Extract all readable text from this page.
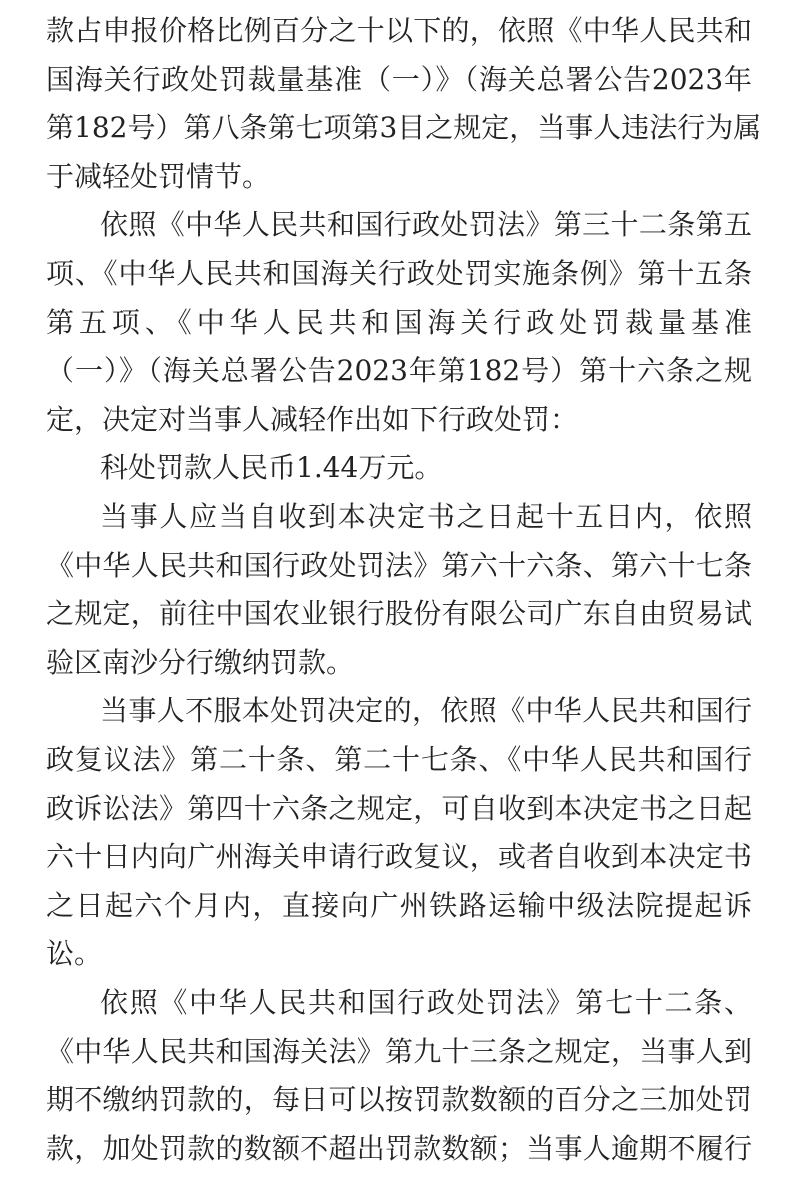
款占申报价格比例百分之十以下的，依照《中华人民共和
国海关行政处罚裁量基准（一）》（海关总署公告2023年
第182号）第八条第七项第3目之规定，当事人违法行为属
于减轻处罚情节。
依照《中华人民共和国行政处罚法》第三十二条第五
项、《中华人民共和国海关行政处罚实施条例》第十五条
第五项、《中华人民共和国海关行政处罚裁量基准
（一）》（海关总署公告2023年第182号）第十六条之规
定，决定对当事人减轻作出如下行政处罚：
科处罚款人民币1.44万元。
当事人应当自收到本决定书之日起十五日内，依照
《中华人民共和国行政处罚法》第六十六条、第六十七条
之规定，前往中国农业银行股份有限公司广东自由贸易试
验区南沙分行缴纳罚款。
当事人不服本处罚决定的，依照《中华人民共和国行
政复议法》第二十条、第二十七条、《中华人民共和国行
政诉讼法》第四十六条之规定，可自收到本决定书之日起
六十日内向广州海关申请行政复议，或者自收到本决定书
之日起六个月内，直接向广州铁路运输中级法院提起诉
讼。
依照《中华人民共和国行政处罚法》第七十二条、
《中华人民共和国海关法》第九十三条之规定，当事人到
期不缴纳罚款的，每日可以按罚款数额的百分之三加处罚
款，加处罚款的数额不超出罚款数额；当事人逾期不履行
